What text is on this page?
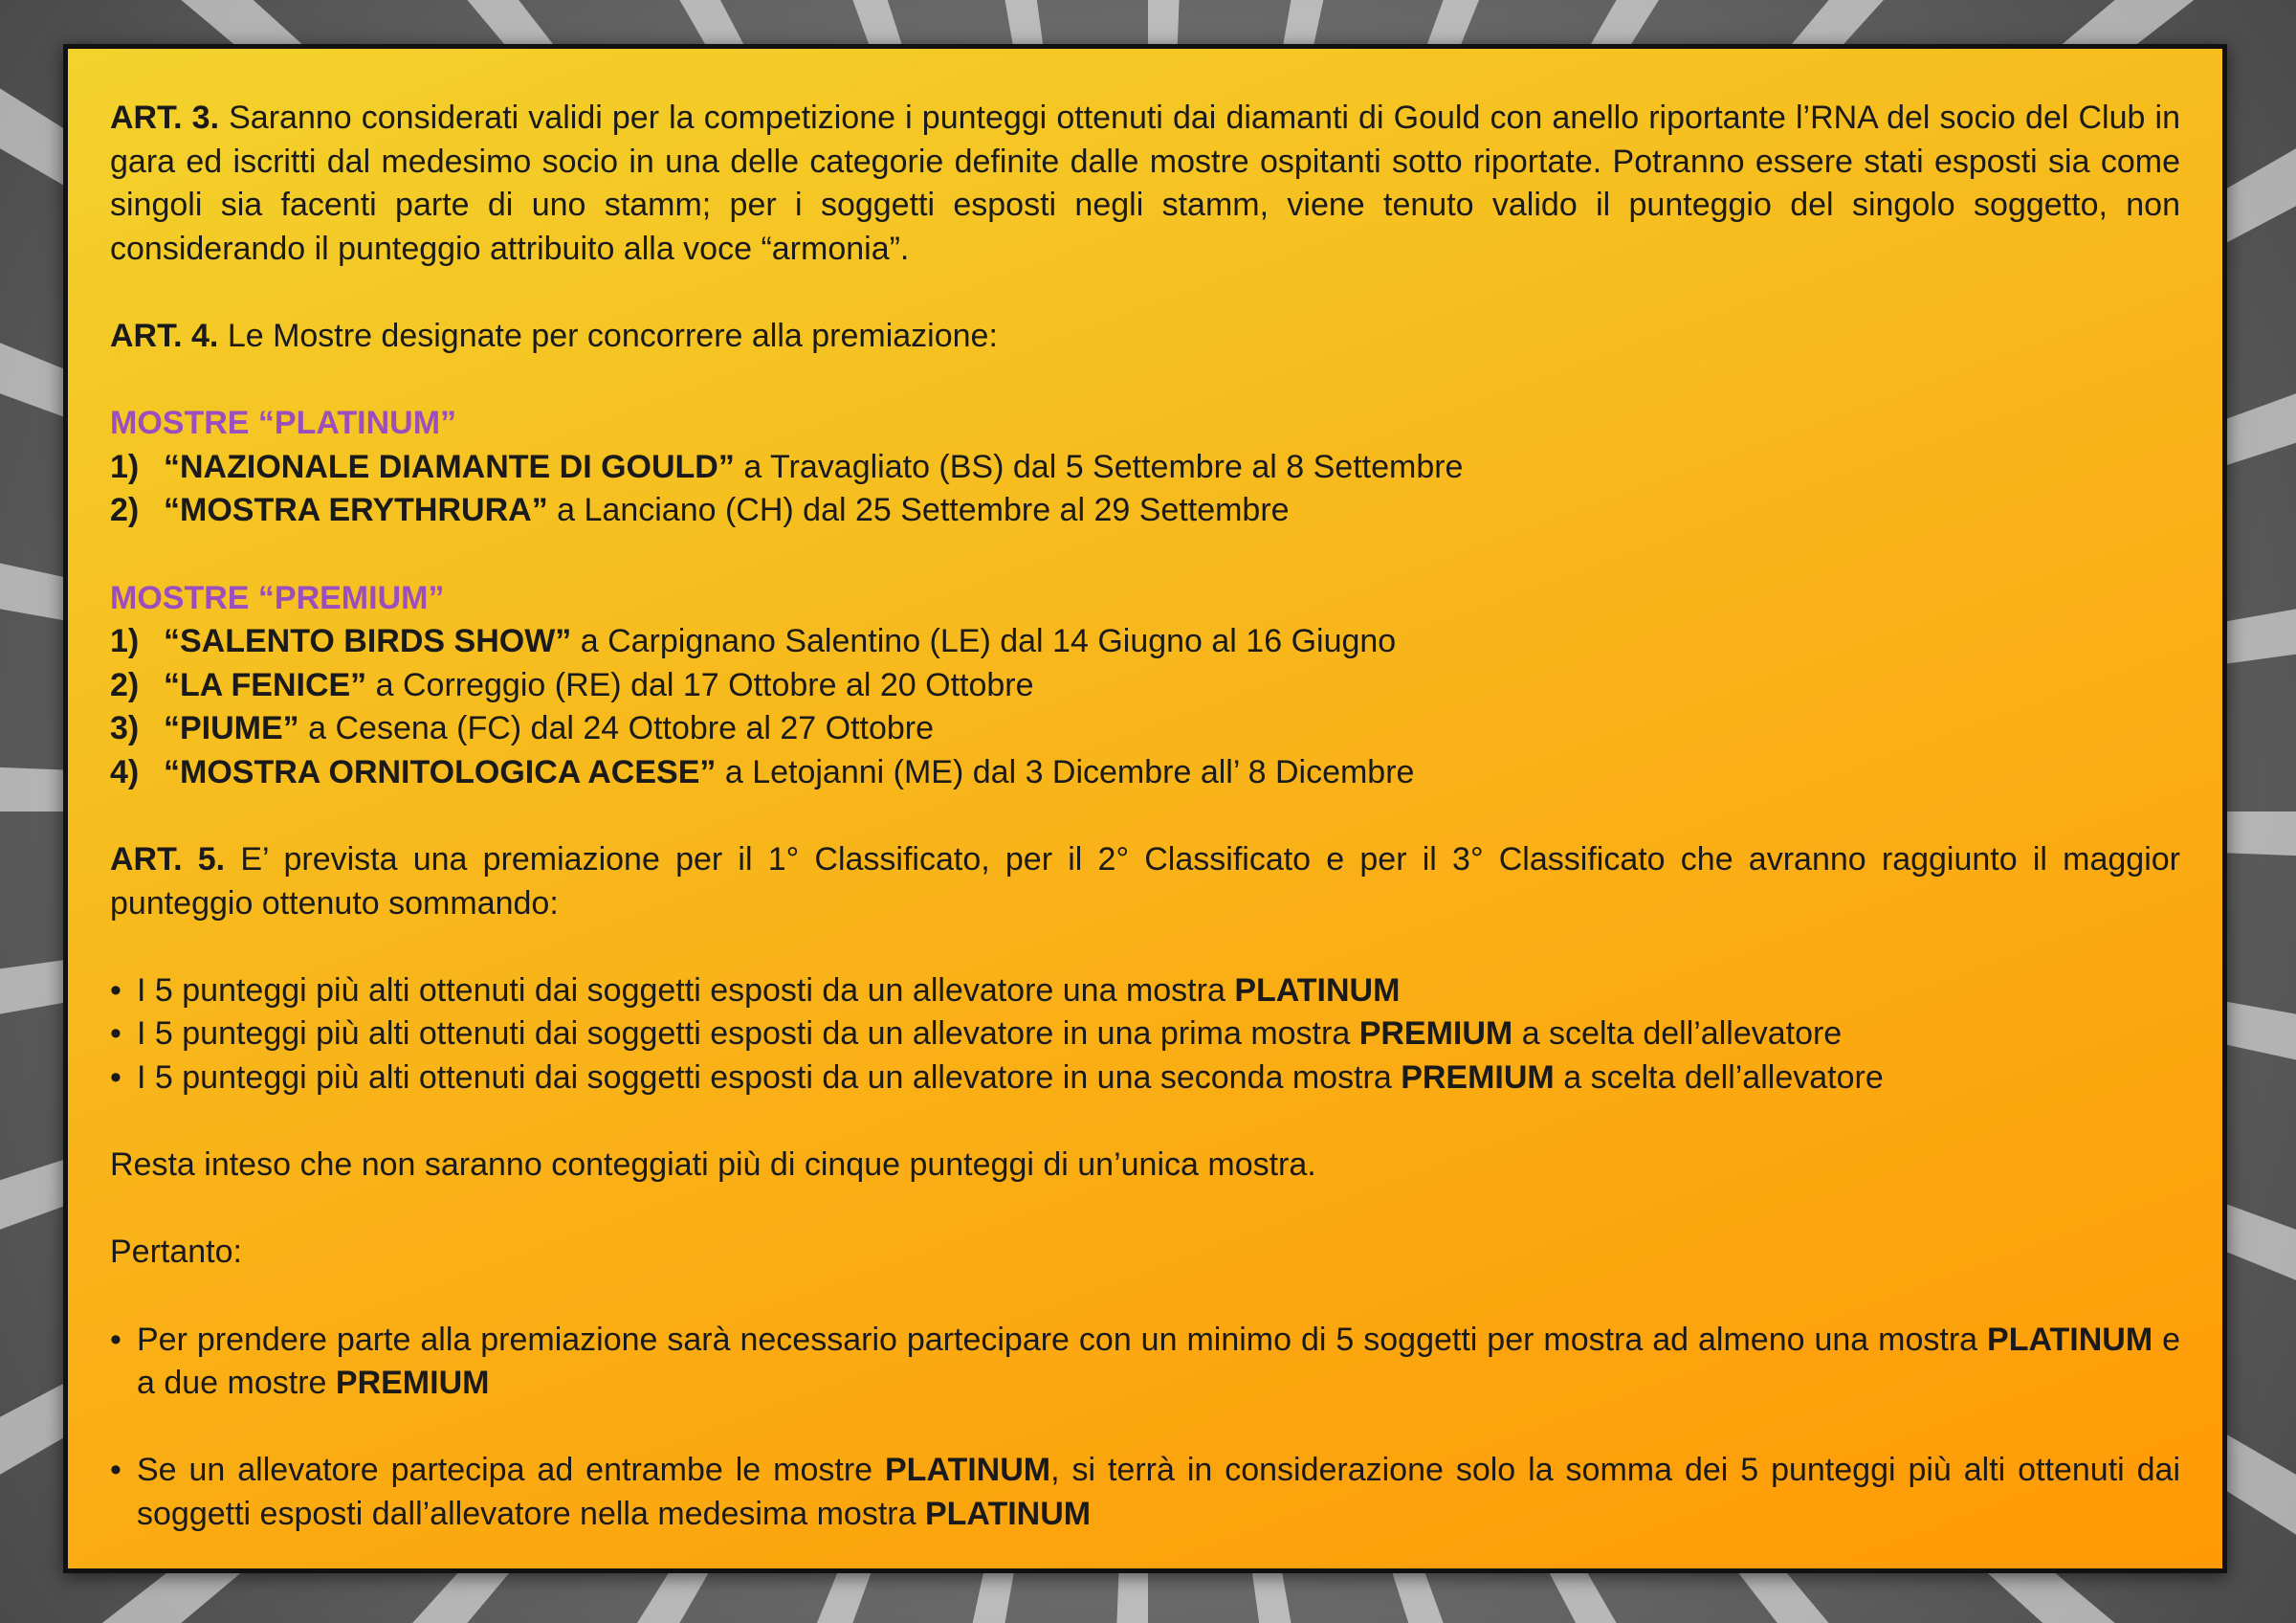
ART. 3. Saranno considerati validi per la competizione i punteggi ottenuti dai diamanti di Gould con anello riportante l’RNA del socio del Club in gara ed iscritti dal medesimo socio in una delle categorie definite dalle mostre ospitanti sotto riportate. Potranno essere stati esposti sia come singoli sia facenti parte di uno stamm; per i soggetti esposti negli stamm, viene tenuto valido il punteggio del singolo soggetto, non considerando il punteggio attribuito alla voce “armonia”.

ART. 4. Le Mostre designate per concorrere alla premiazione:

MOSTRE “PLATINUM”

1) “NAZIONALE DIAMANTE DI GOULD” a Travagliato (BS) dal 5 Settembre al 8 Settembre
2) “MOSTRA ERYTHRURA” a Lanciano (CH) dal 25 Settembre al 29 Settembre

MOSTRE “PREMIUM”

1) “SALENTO BIRDS SHOW” a Carpignano Salentino (LE) dal 14 Giugno al 16 Giugno
2) “LA FENICE” a Correggio (RE) dal 17 Ottobre al 20 Ottobre
3) “PIUME” a Cesena (FC) dal 24 Ottobre al 27 Ottobre
4) “MOSTRA ORNITOLOGICA ACESE” a Letojanni (ME) dal 3 Dicembre all’ 8 Dicembre

ART. 5. E’ prevista una premiazione per il 1° Classificato, per il 2° Classificato e per il 3° Classificato che avranno raggiunto il maggior punteggio ottenuto sommando:

• I 5 punteggi più alti ottenuti dai soggetti esposti da un allevatore una mostra PLATINUM
• I 5 punteggi più alti ottenuti dai soggetti esposti da un allevatore in una prima mostra PREMIUM a scelta dell’allevatore
• I 5 punteggi più alti ottenuti dai soggetti esposti da un allevatore in una seconda mostra PREMIUM a scelta dell’allevatore

Resta inteso che non saranno conteggiati più di cinque punteggi di un’unica mostra.

Pertanto:

• Per prendere parte alla premiazione sarà necessario partecipare con un minimo di 5 soggetti per mostra ad almeno una mostra PLATINUM e a due mostre PREMIUM
• Se un allevatore partecipa ad entrambe le mostre PLATINUM, si terrà in considerazione solo la somma dei 5 punteggi più alti ottenuti dai soggetti esposti dall’allevatore nella medesima mostra PLATINUM
